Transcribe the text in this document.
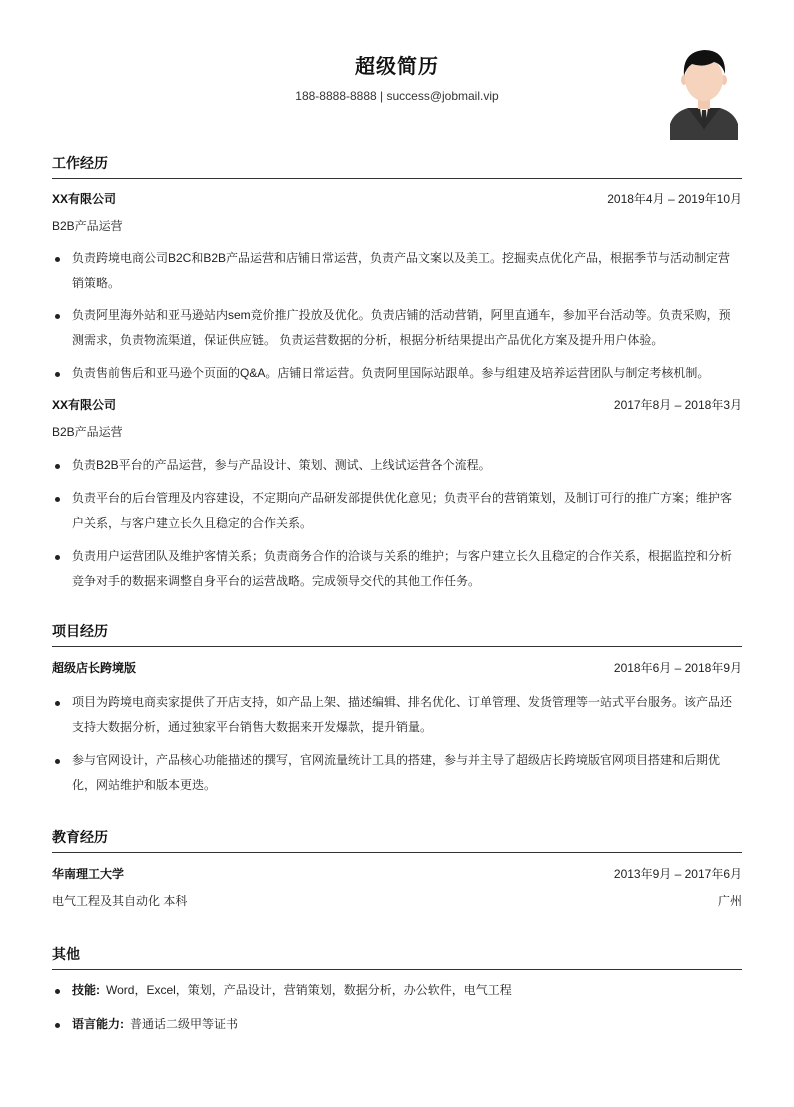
超级简历
188-8888-8888 | success@jobmail.vip
工作经历
XX有限公司	2018年4月 – 2019年10月
B2B产品运营
负责跨境电商公司B2C和B2B产品运营和店铺日常运营，负责产品文案以及美工。挖掘卖点优化产品，根据季节与活动制定营销策略。
负责阿里海外站和亚马逊站内sem竞价推广投放及优化。负责店铺的活动营销，阿里直通车，参加平台活动等。负责采购，预测需求，负责物流渠道，保证供应链。 负责运营数据的分析，根据分析结果提出产品优化方案及提升用户体验。
负责售前售后和亚马逊个页面的Q&A。店铺日常运营。负责阿里国际站跟单。参与组建及培养运营团队与制定考核机制。
XX有限公司	2017年8月 – 2018年3月
B2B产品运营
负责B2B平台的产品运营，参与产品设计、策划、测试、上线试运营各个流程。
负责平台的后台管理及内容建设，不定期向产品研发部提供优化意见；负责平台的营销策划，及制订可行的推广方案；维护客户关系，与客户建立长久且稳定的合作关系。
负责用户运营团队及维护客情关系；负责商务合作的洽谈与关系的维护；与客户建立长久且稳定的合作关系，根据监控和分析竞争对手的数据来调整自身平台的运营战略。完成领导交代的其他工作任务。
项目经历
超级店长跨境版	2018年6月 – 2018年9月
项目为跨境电商卖家提供了开店支持，如产品上架、描述编辑、排名优化、订单管理、发货管理等一站式平台服务。该产品还支持大数据分析，通过独家平台销售大数据来开发爆款，提升销量。
参与官网设计，产品核心功能描述的撰写，官网流量统计工具的搭建，参与并主导了超级店长跨境版官网项目搭建和后期优化，网站维护和版本更迭。
教育经历
华南理工大学	2013年9月 – 2017年6月
电气工程及其自动化 本科	广州
其他
技能: Word，Excel，策划，产品设计，营销策划，数据分析，办公软件，电气工程
语言能力: 普通话二级甲等证书
